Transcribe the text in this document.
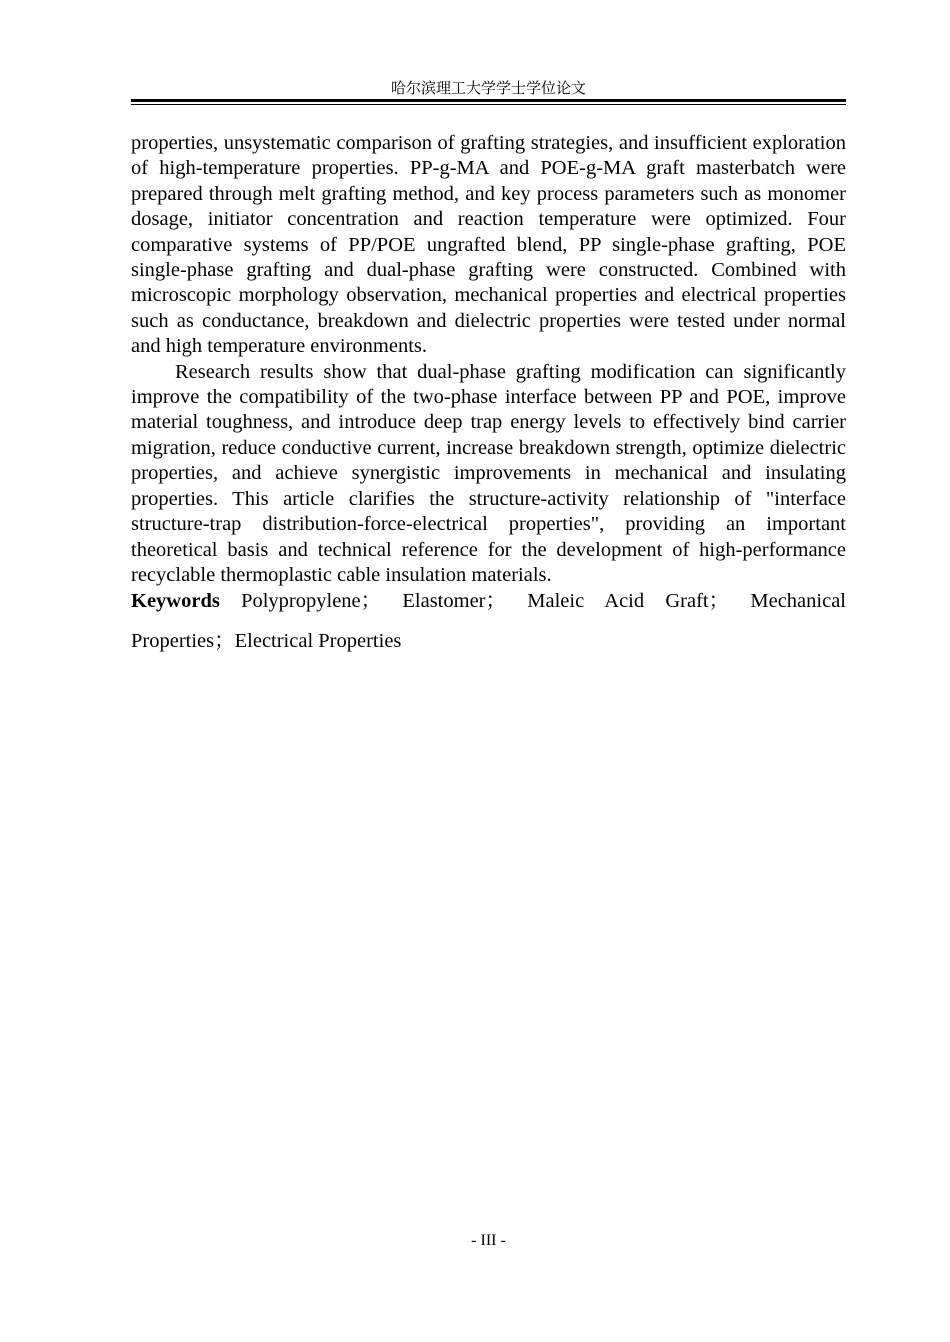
哈尔滨理工大学学士学位论文

properties, unsystematic comparison of grafting strategies, and insufficient exploration of high-temperature properties. PP-g-MA and POE-g-MA graft masterbatch were prepared through melt grafting method, and key process parameters such as monomer dosage, initiator concentration and reaction temperature were optimized. Four comparative systems of PP/POE ungrafted blend, PP single-phase grafting, POE single-phase grafting and dual-phase grafting were constructed. Combined with microscopic morphology observation, mechanical properties and electrical properties such as conductance, breakdown and dielectric properties were tested under normal and high temperature environments.

Research results show that dual-phase grafting modification can significantly improve the compatibility of the two-phase interface between PP and POE, improve material toughness, and introduce deep trap energy levels to effectively bind carrier migration, reduce conductive current, increase breakdown strength, optimize dielectric properties, and achieve synergistic improvements in mechanical and insulating properties. This article clarifies the structure-activity relationship of "interface structure-trap distribution-force-electrical properties", providing an important theoretical basis and technical reference for the development of high-performance recyclable thermoplastic cable insulation materials.

Keywords Polypropylene； Elastomer； Maleic Acid Graft； Mechanical

Properties；Electrical Properties

- III -
